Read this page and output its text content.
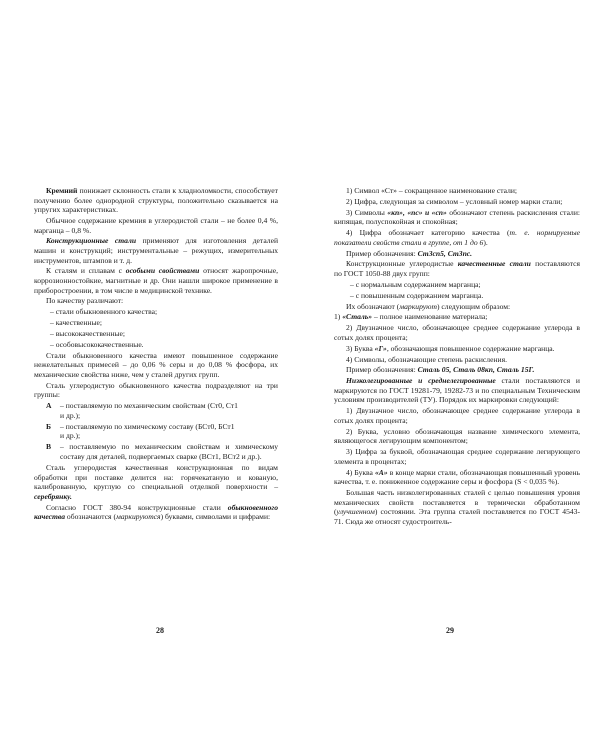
Кремний понижает склонность стали к хладноломкости, способствует получению более однородной структуры, положительно сказывается на упругих характеристиках.

Обычное содержание кремния в углеродистой стали – не более 0,4 %, марганца – 0,8 %.

Конструкционные стали применяют для изготовления деталей машин и конструкций; инструментальные – режущих, измерительных инструментов, штампов и т. д.

К сталям и сплавам с особыми свойствами относят жаропрочные, коррозионностойкие, магнитные и др. Они нашли широкое применение в приборостроении, в том числе в медицинской технике.

По качеству различают:

– стали обыкновенного качества;

– качественные;

– высококачественные;

– особовысококачественные.

Стали обыкновенного качества имеют повышенное содержание нежелательных примесей – до 0,06 % серы и до 0,08 % фосфора, их механические свойства ниже, чем у сталей других групп.

Сталь углеродистую обыкновенного качества подразделяют на три группы:

А	– поставляемую по механическим свойствам (Ст0, Ст1
и др.);
Б	– поставляемую по химическому составу (БСт0, БСт1
и др.);
В	– поставляемую по механическим свойствам и химическому составу для деталей, подвергаемых сварке (ВСт1, ВСт2 и др.).

Сталь углеродистая качественная конструкционная по видам обработки при поставке делится на: горячекатаную и кованую, калиброванную, круглую со специальной отделкой поверхности – серебрянку.

Согласно ГОСТ 380-94 конструкционные стали обыкновенного качества обозначаются (маркируются) буквами, символами и цифрами:

28

1) Символ «Ст» – сокращенное наименование стали;

2) Цифра, следующая за символом – условный номер марки стали;

3) Символы «кп», «пс» и «сп» обозначают степень раскисления стали: кипящая, полуспокойная и спокойная;

4) Цифра обозначает категорию качества (т. е. нормируемые показатели свойств стали в группе, от 1 до 6).

Пример обозначения: Ст3сп5, Ст3пс.

Конструкционные углеродистые качественные стали поставляются по ГОСТ 1050-88 двух групп:

– с нормальным содержанием марганца;

– с повышенным содержанием марганца.

Их обозначают (маркируют) следующим образом:

1) «Сталь» – полное наименование материала;

2) Двузначное число, обозначающее среднее содержание углерода в сотых долях процента;

3) Буква «Г», обозначающая повышенное содержание марганца.

4) Символы, обозначающие степень раскисления.

Пример обозначения: Сталь 05, Сталь 08кп, Сталь 15Г.

Низколегированные и среднелегированные стали поставляются и маркируются по ГОСТ 19281-79, 19282-73 и по специальным Техническим условиям производителей (ТУ). Порядок их маркировки следующий:

1) Двузначное число, обозначающее среднее содержание углерода в сотых долях процента;

2) Буква, условно обозначающая название химического элемента, являющегося легирующим компонентом;

3) Цифра за буквой, обозначающая среднее содержание легирующего элемента в процентах;

4) Буква «А» в конце марки стали, обозначающая повышенный уровень качества, т. е. пониженное содержание серы и фосфора (S < 0,035 %).

Большая часть низколегированных сталей с целью повышения уровня механических свойств поставляется в термически обработанном (улучшенном) состоянии. Эта группа сталей поставляется по ГОСТ 4543-71. Сюда же относят судостроитель-

29
